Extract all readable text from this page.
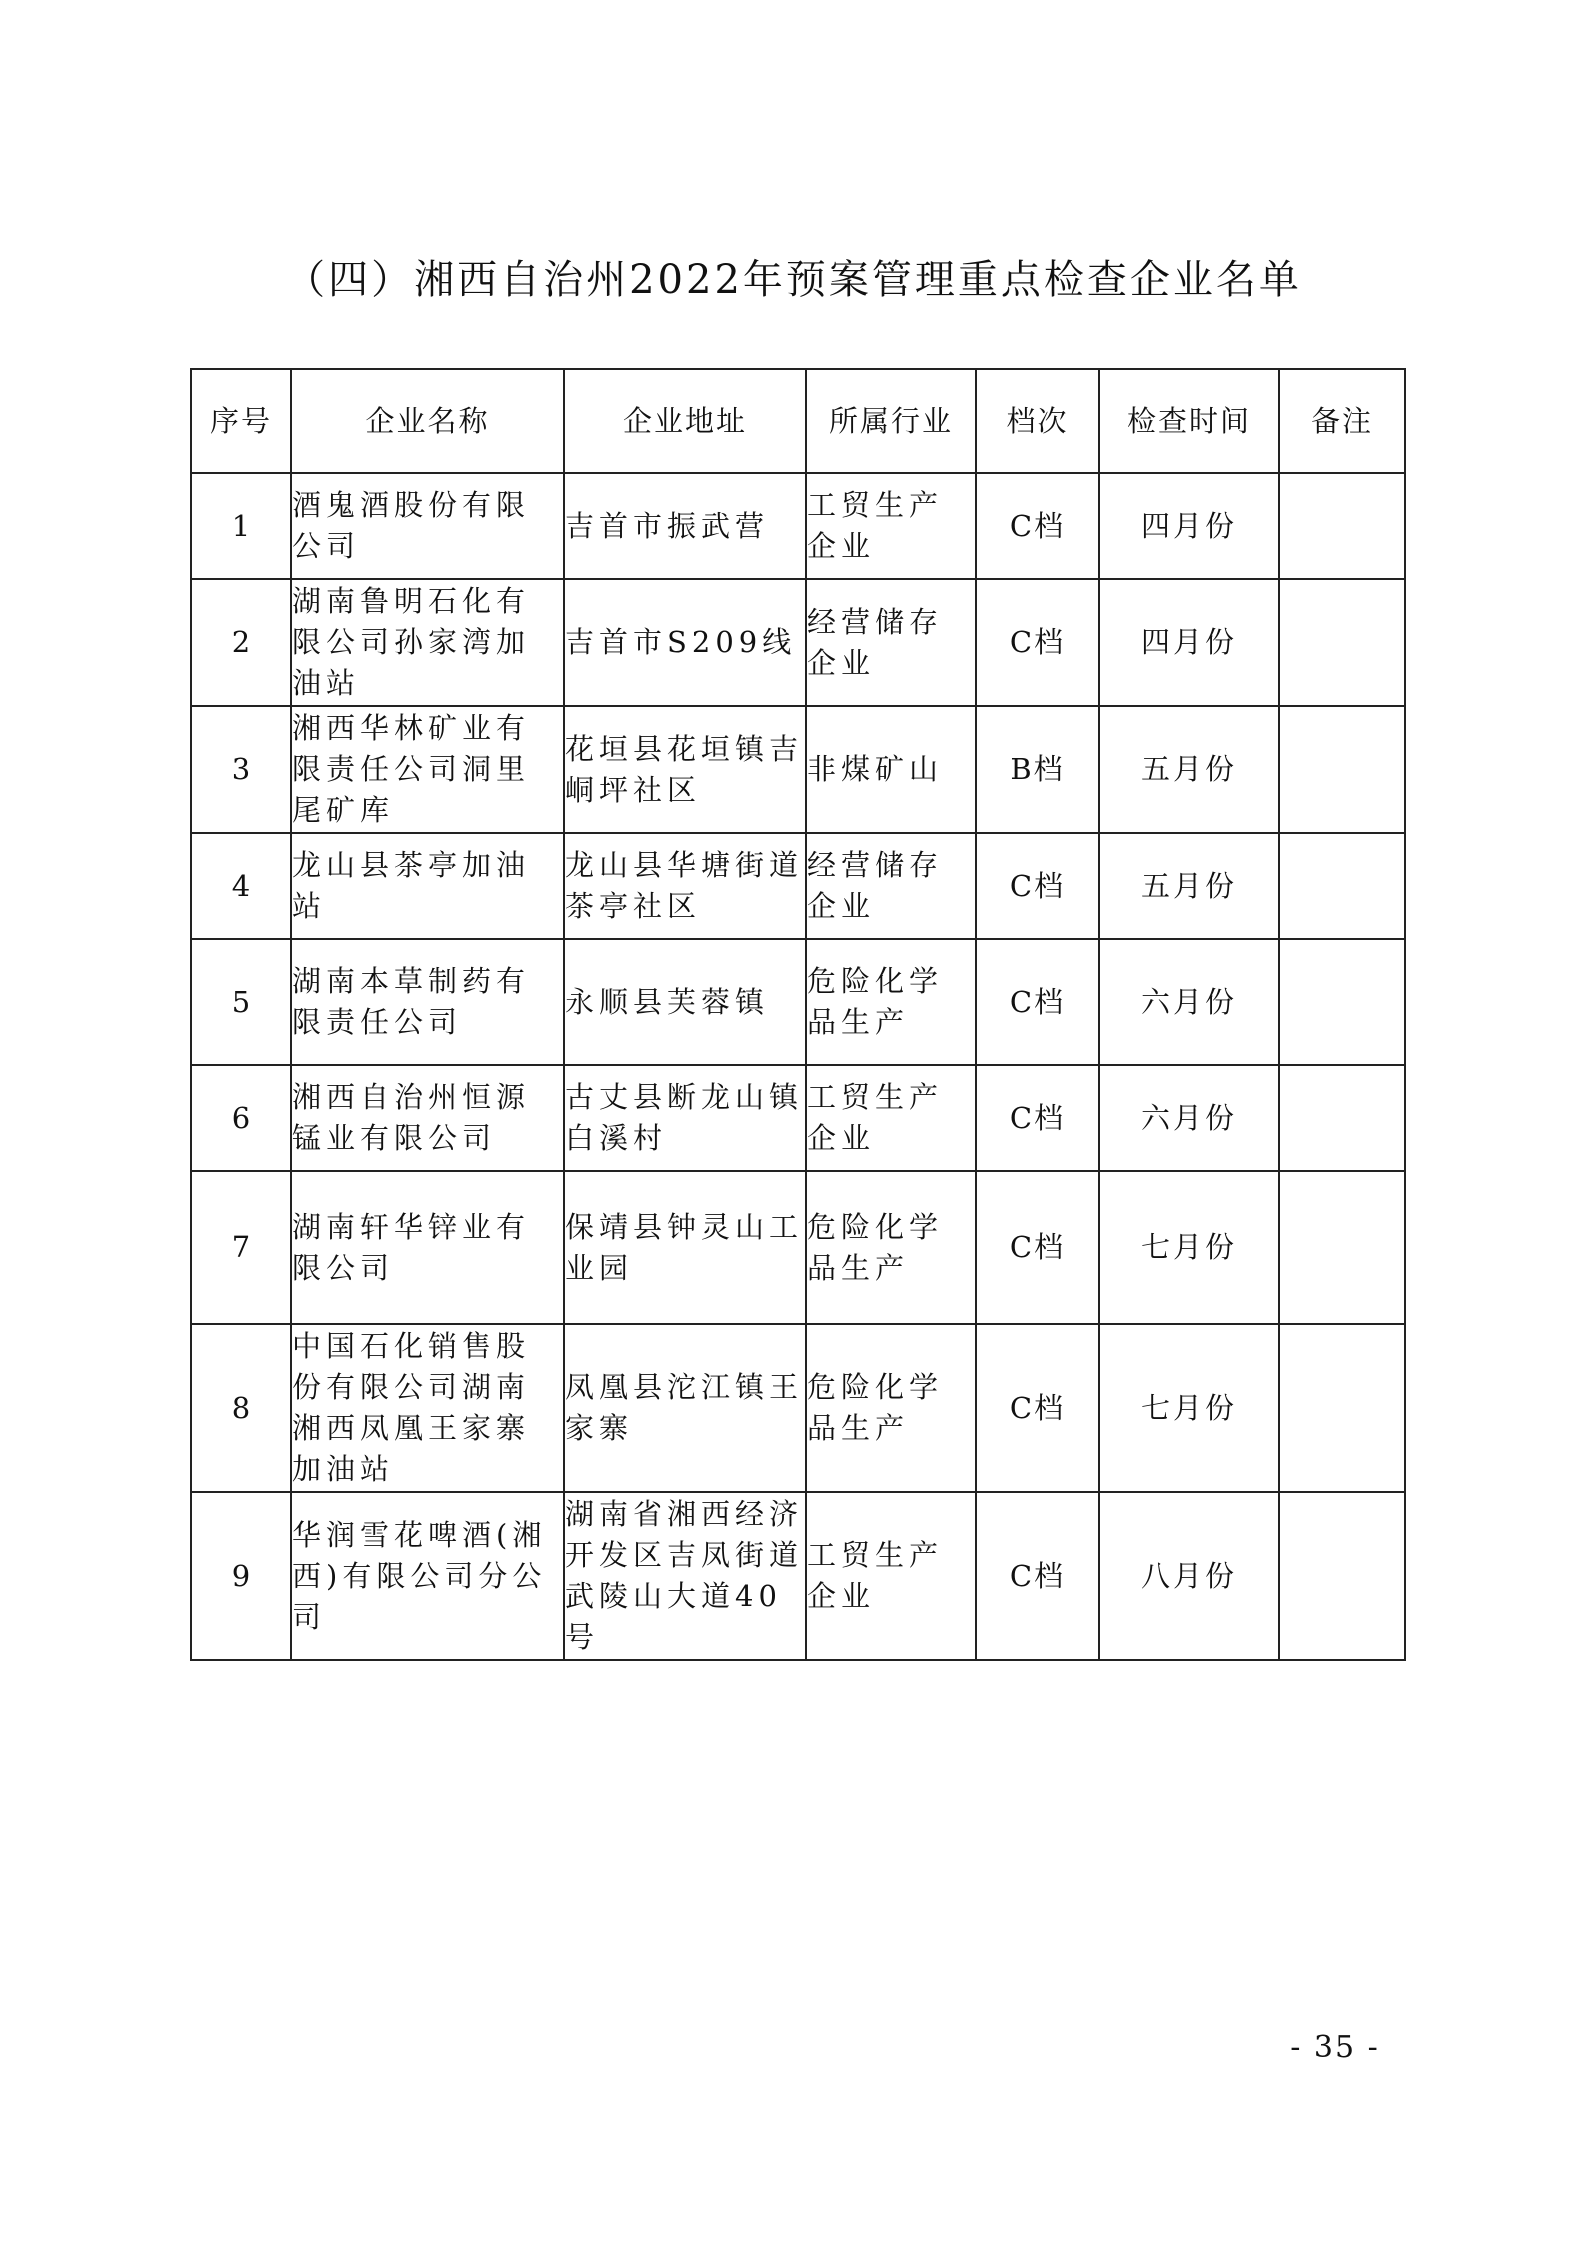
（四）湘西自治州2022年预案管理重点检查企业名单
序号	企业名称	企业地址	所属行业	档次	检查时间	备注
1	酒鬼酒股份有限公司	吉首市振武营	工贸生产企业	C档	四月份	
2	湖南鲁明石化有限公司孙家湾加油站	吉首市S209线	经营储存企业	C档	四月份	
3	湘西华林矿业有限责任公司洞里尾矿库	花垣县花垣镇吉峒坪社区	非煤矿山	B档	五月份	
4	龙山县茶亭加油站	龙山县华塘街道茶亭社区	经营储存企业	C档	五月份	
5	湖南本草制药有限责任公司	永顺县芙蓉镇	危险化学品生产	C档	六月份	
6	湘西自治州恒源锰业有限公司	古丈县断龙山镇白溪村	工贸生产企业	C档	六月份	
7	湖南轩华锌业有限公司	保靖县钟灵山工业园	危险化学品生产	C档	七月份	
8	中国石化销售股份有限公司湖南湘西凤凰王家寨加油站	凤凰县沱江镇王家寨	危险化学品生产	C档	七月份	
9	华润雪花啤酒(湘西)有限公司分公司	湖南省湘西经济开发区吉凤街道武陵山大道40号	工贸生产企业	C档	八月份	
- 35 -
